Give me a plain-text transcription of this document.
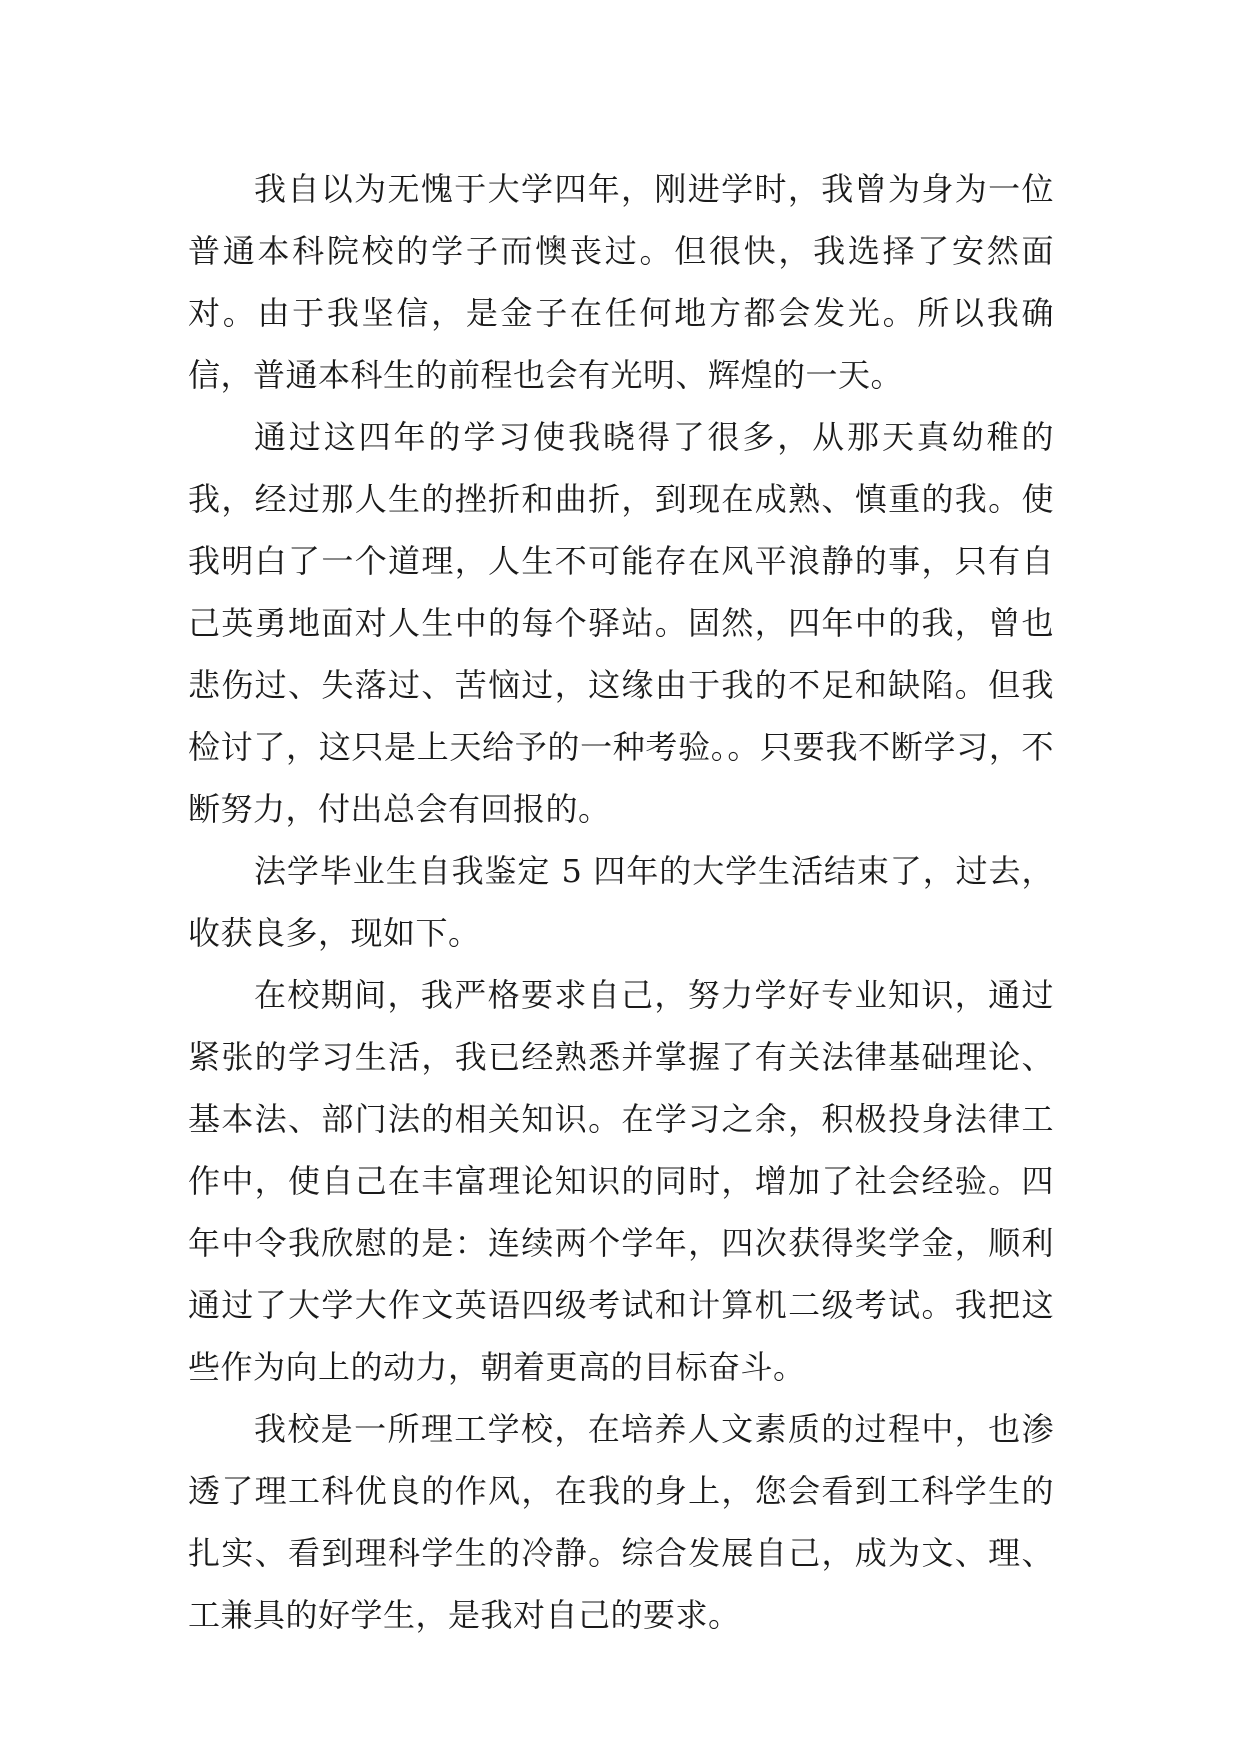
我自以为无愧于大学四年，刚进学时，我曾为身为一位普通本科院校的学子而懊丧过。但很快，我选择了安然面对。由于我坚信，是金子在任何地方都会发光。所以我确信，普通本科生的前程也会有光明、辉煌的一天。

通过这四年的学习使我晓得了很多，从那天真幼稚的我，经过那人生的挫折和曲折，到现在成熟、慎重的我。使我明白了一个道理，人生不可能存在风平浪静的事，只有自己英勇地面对人生中的每个驿站。固然，四年中的我，曾也悲伤过、失落过、苦恼过，这缘由于我的不足和缺陷。但我检讨了，这只是上天给予的一种考验。。只要我不断学习，不断努力，付出总会有回报的。

法学毕业生自我鉴定 5 四年的大学生活结束了，过去，收获良多，现如下。

在校期间，我严格要求自己，努力学好专业知识，通过紧张的学习生活，我已经熟悉并掌握了有关法律基础理论、基本法、部门法的相关知识。在学习之余，积极投身法律工作中，使自己在丰富理论知识的同时，增加了社会经验。四年中令我欣慰的是：连续两个学年，四次获得奖学金，顺利通过了大学大作文英语四级考试和计算机二级考试。我把这些作为向上的动力，朝着更高的目标奋斗。

我校是一所理工学校，在培养人文素质的过程中，也渗透了理工科优良的作风，在我的身上，您会看到工科学生的扎实、看到理科学生的冷静。综合发展自己，成为文、理、工兼具的好学生，是我对自己的要求。
